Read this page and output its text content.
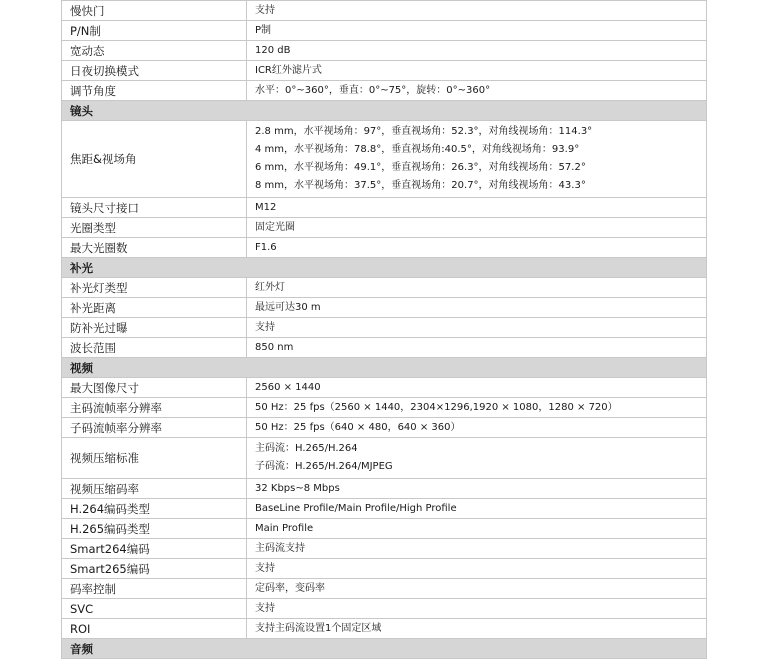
慢快门	支持

P/N制	P制

宽动态	120 dB

日夜切换模式	ICR红外滤片式

调节角度	水平：0°~360°，垂直：0°~75°，旋转：0°~360°

镜头	
焦距&视场角	2.8 mm，水平视场角：97°，垂直视场角：52.3°，对角线视场角：114.3°
4 mm，水平视场角：78.8°，垂直视场角:40.5°，对角线视场角：93.9°
6 mm，水平视场角：49.1°，垂直视场角：26.3°，对角线视场角：57.2°
8 mm，水平视场角：37.5°，垂直视场角：20.7°，对角线视场角：43.3°

镜头尺寸接口	M12

光圈类型	固定光圈

最大光圈数	F1.6

补光	
补光灯类型	红外灯

补光距离	最远可达30 m

防补光过曝	支持

波长范围	850 nm

视频	
最大图像尺寸	2560 × 1440

主码流帧率分辨率	50 Hz：25 fps（2560 × 1440，2304×1296,1920 × 1080，1280 × 720）

子码流帧率分辨率	50 Hz：25 fps（640 × 480，640 × 360）

视频压缩标准	主码流：H.265/H.264
子码流：H.265/H.264/MJPEG

视频压缩码率	32 Kbps~8 Mbps

H.264编码类型	BaseLine Profile/Main Profile/High Profile

H.265编码类型	Main Profile

Smart264编码	主码流支持

Smart265编码	支持

码率控制	定码率，变码率

SVC	支持

ROI	支持主码流设置1个固定区域

音频	
